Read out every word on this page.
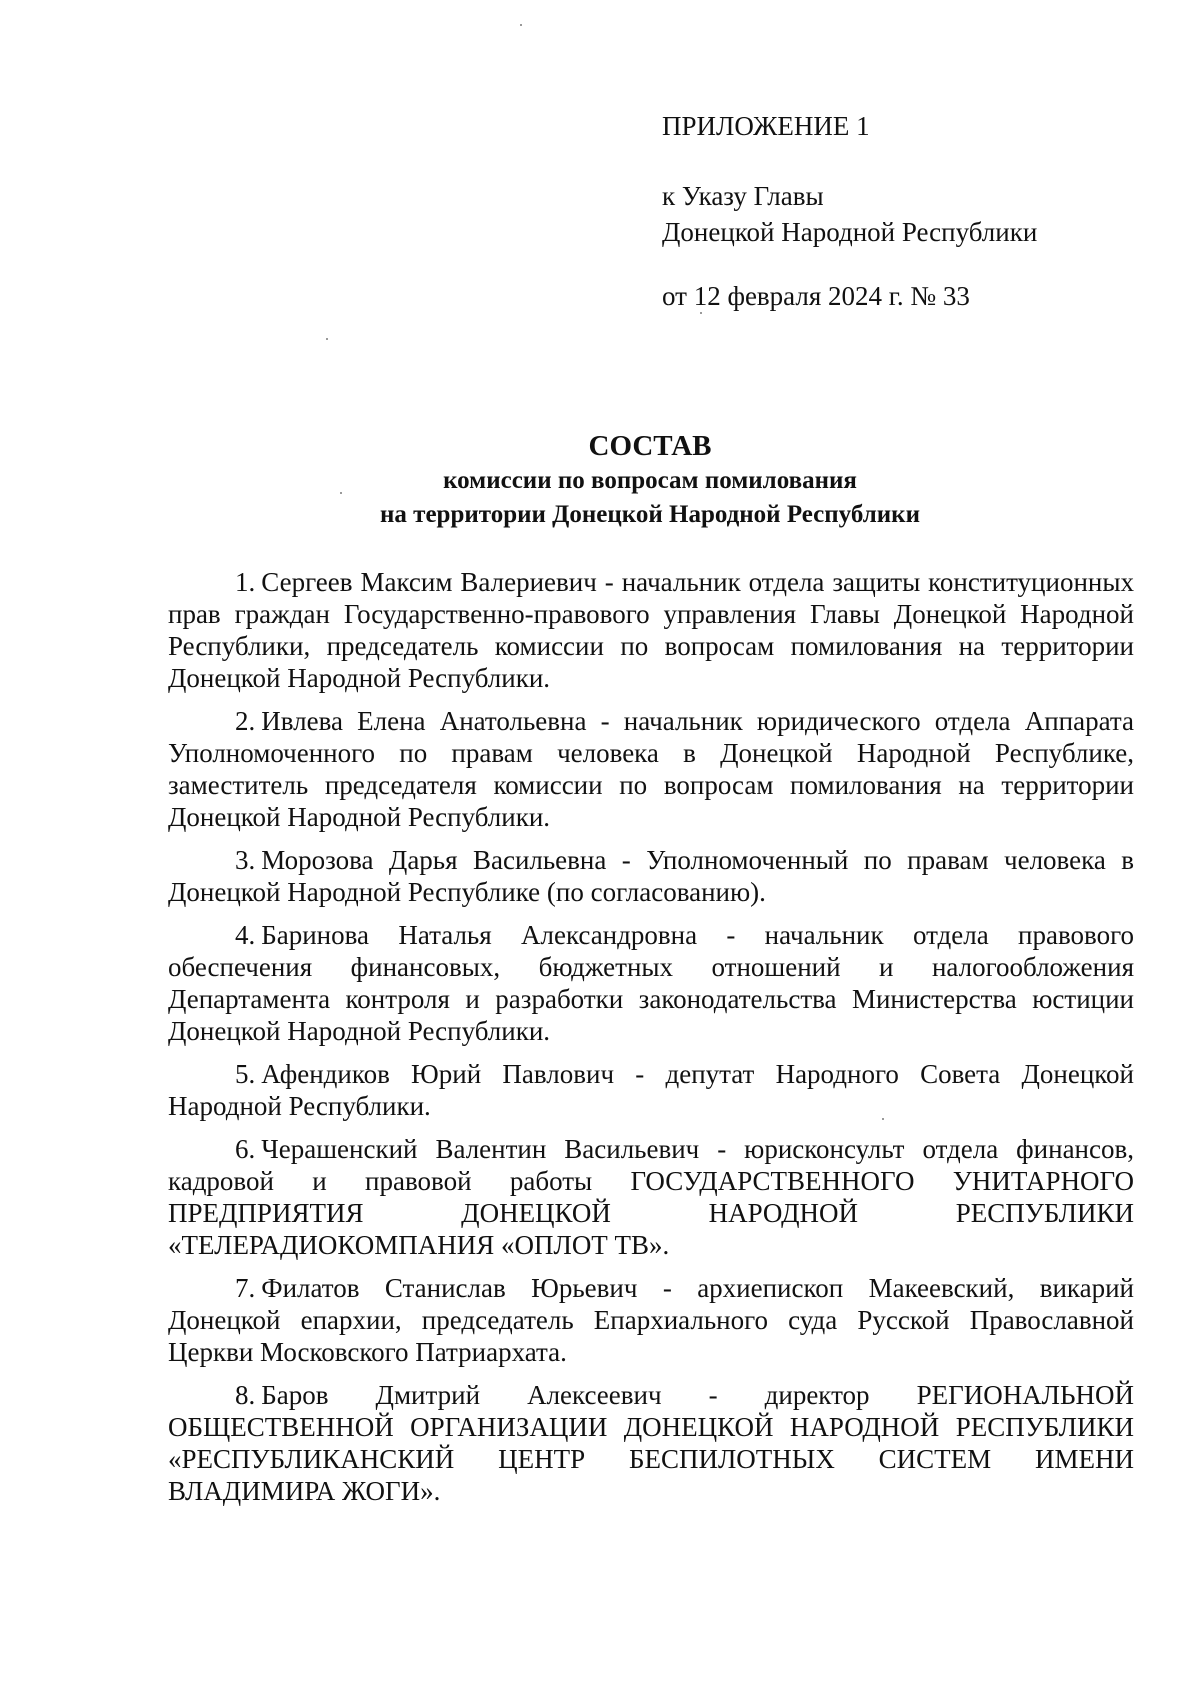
ПРИЛОЖЕНИЕ 1

к Указу Главы

Донецкой Народной Республики

от 12 февраля 2024 г. № 33

СОСТАВ

комиссии по вопросам помилования

на территории Донецкой Народной Республики

1. Сергеев Максим Валериевич - начальник отдела защиты конституционных прав граждан Государственно-правового управления Главы Донецкой Народной Республики, председатель комиссии по вопросам помилования на территории Донецкой Народной Республики.

2. Ивлева Елена Анатольевна - начальник юридического отдела Аппарата Уполномоченного по правам человека в Донецкой Народной Республике, заместитель председателя комиссии по вопросам помилования на территории Донецкой Народной Республики.

3. Морозова Дарья Васильевна - Уполномоченный по правам человека в Донецкой Народной Республике (по согласованию).

4. Баринова Наталья Александровна - начальник отдела правового обеспечения финансовых, бюджетных отношений и налогообложения Департамента контроля и разработки законодательства Министерства юстиции Донецкой Народной Республики.

5. Афендиков Юрий Павлович - депутат Народного Совета Донецкой Народной Республики.

6. Черашенский Валентин Васильевич - юрисконсульт отдела финансов, кадровой и правовой работы ГОСУДАРСТВЕННОГО УНИТАРНОГО ПРЕДПРИЯТИЯ ДОНЕЦКОЙ НАРОДНОЙ РЕСПУБЛИКИ «ТЕЛЕРАДИОКОМПАНИЯ «ОПЛОТ ТВ».

7. Филатов Станислав Юрьевич - архиепископ Макеевский, викарий Донецкой епархии, председатель Епархиального суда Русской Православной Церкви Московского Патриархата.

8. Баров Дмитрий Алексеевич - директор РЕГИОНАЛЬНОЙ ОБЩЕСТВЕННОЙ ОРГАНИЗАЦИИ ДОНЕЦКОЙ НАРОДНОЙ РЕСПУБЛИКИ «РЕСПУБЛИКАНСКИЙ ЦЕНТР БЕСПИЛОТНЫХ СИСТЕМ ИМЕНИ ВЛАДИМИРА ЖОГИ».
